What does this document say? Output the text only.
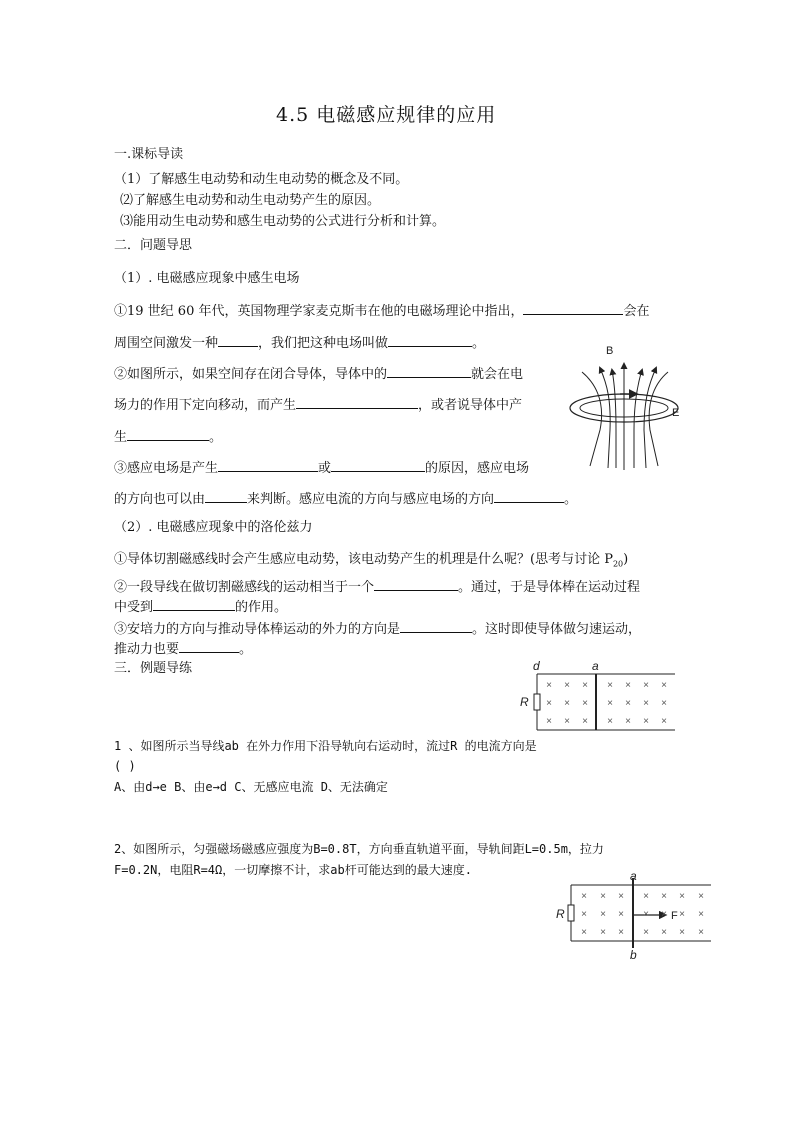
4.5 电磁感应规律的应用
一.课标导读
（1）了解感生电动势和动生电动势的概念及不同。
⑵了解感生电动势和动生电动势产生的原因。
⑶能用动生电动势和感生电动势的公式进行分析和计算。
二．问题导思
（1）. 电磁感应现象中感生电场
①19 世纪 60 年代，英国物理学家麦克斯韦在他的电磁场理论中指出，	会在
周围空间激发一种	，我们把这种电场叫做	。
②如图所示，如果空间存在闭合导体，导体中的	就会在电
场力的作用下定向移动，而产生	，或者说导体中产
生	。
③感应电场是产生	或	的原因，感应电场
的方向也可以由	来判断。感应电流的方向与感应电场的方向	。
（2）. 电磁感应现象中的洛伦兹力
①导体切割磁感线时会产生感应电动势，该电动势产生的机理是什么呢？(思考与讨论 $P_{20}$)
②一段导线在做切割磁感线的运动相当于一个	。通过，于是导体棒在运动过程
中受到	的作用。
③安培力的方向与推动导体棒运动的外力的方向是	。这时即使导体做匀速运动，
推动力也要	。
三．例题导练
1 、如图所示当导线ab 在外力作用下沿导轨向右运动时，流过R 的电流方向是
( )
A、由d→e B、由e→d C、无感应电流 D、无法确定
2、如图所示，匀强磁场磁感应强度为B=0.8T，方向垂直轨道平面，导轨间距L=0.5m，拉力
F=0.2N，电阻R=4Ω，一切摩擦不计，求ab杆可能达到的最大速度.
B
E
d	a
R
× × × × × × ×
× × × × × × ×
× × × × × × ×
a
b
R	F
× × × × × × ×
× × × × × × ×
× × × × × × ×
